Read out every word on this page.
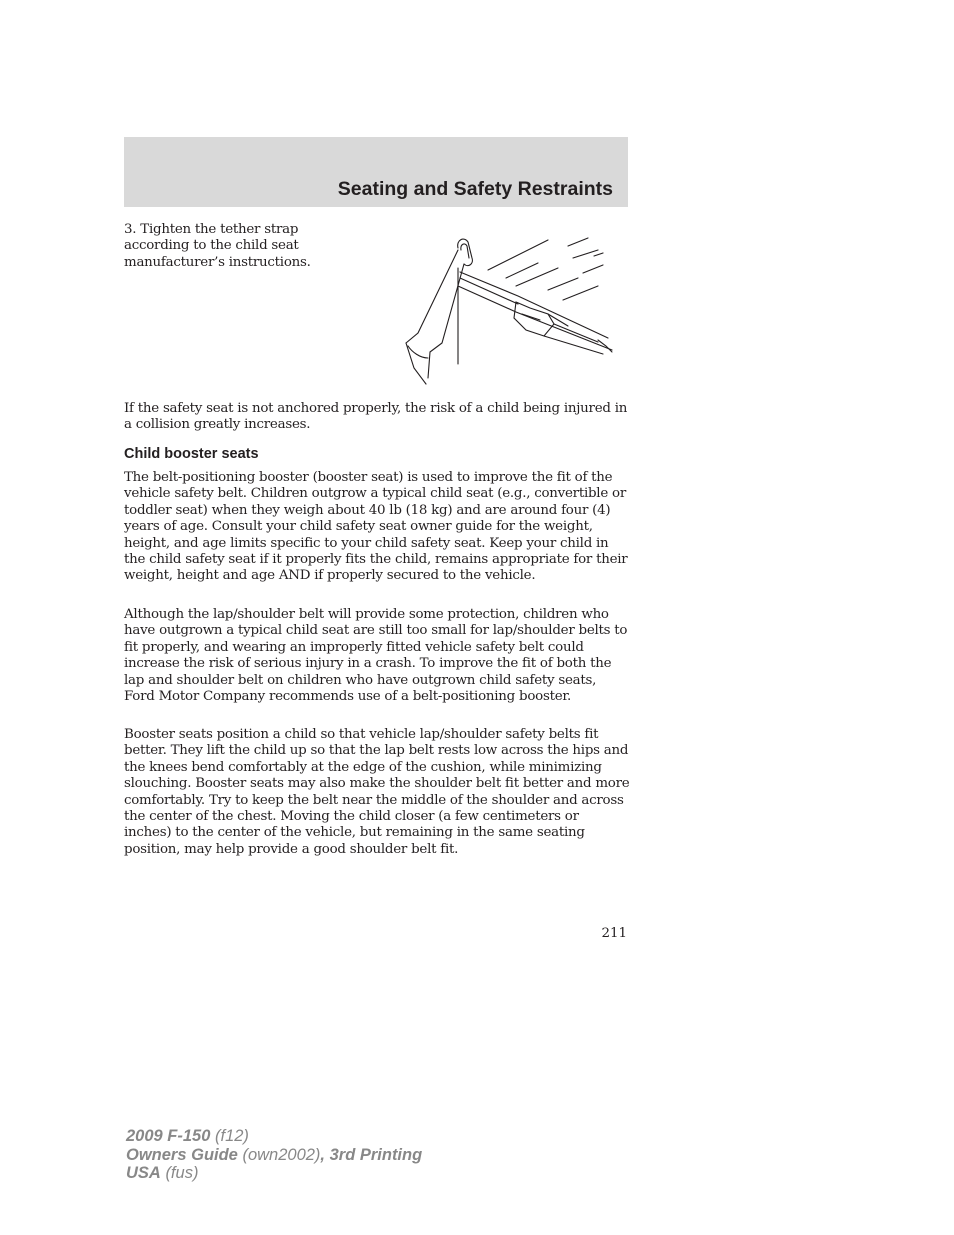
Seating and Safety Restraints

3. Tighten the tether strap according to the child seat manufacturer’s instructions.

If the safety seat is not anchored properly, the risk of a child being injured in a collision greatly increases.

Child booster seats

The belt-positioning booster (booster seat) is used to improve the fit of the vehicle safety belt. Children outgrow a typical child seat (e.g., convertible or toddler seat) when they weigh about 40 lb (18 kg) and are around four (4) years of age. Consult your child safety seat owner guide for the weight, height, and age limits specific to your child safety seat. Keep your child in the child safety seat if it properly fits the child, remains appropriate for their weight, height and age AND if properly secured to the vehicle.

Although the lap/shoulder belt will provide some protection, children who have outgrown a typical child seat are still too small for lap/shoulder belts to fit properly, and wearing an improperly fitted vehicle safety belt could increase the risk of serious injury in a crash. To improve the fit of both the lap and shoulder belt on children who have outgrown child safety seats, Ford Motor Company recommends use of a belt-positioning booster.

Booster seats position a child so that vehicle lap/shoulder safety belts fit better. They lift the child up so that the lap belt rests low across the hips and the knees bend comfortably at the edge of the cushion, while minimizing slouching. Booster seats may also make the shoulder belt fit better and more comfortably. Try to keep the belt near the middle of the shoulder and across the center of the chest. Moving the child closer (a few centimeters or inches) to the center of the vehicle, but remaining in the same seating position, may help provide a good shoulder belt fit.

211
2009 F-150 (f12)
Owners Guide (own2002), 3rd Printing
USA (fus)
